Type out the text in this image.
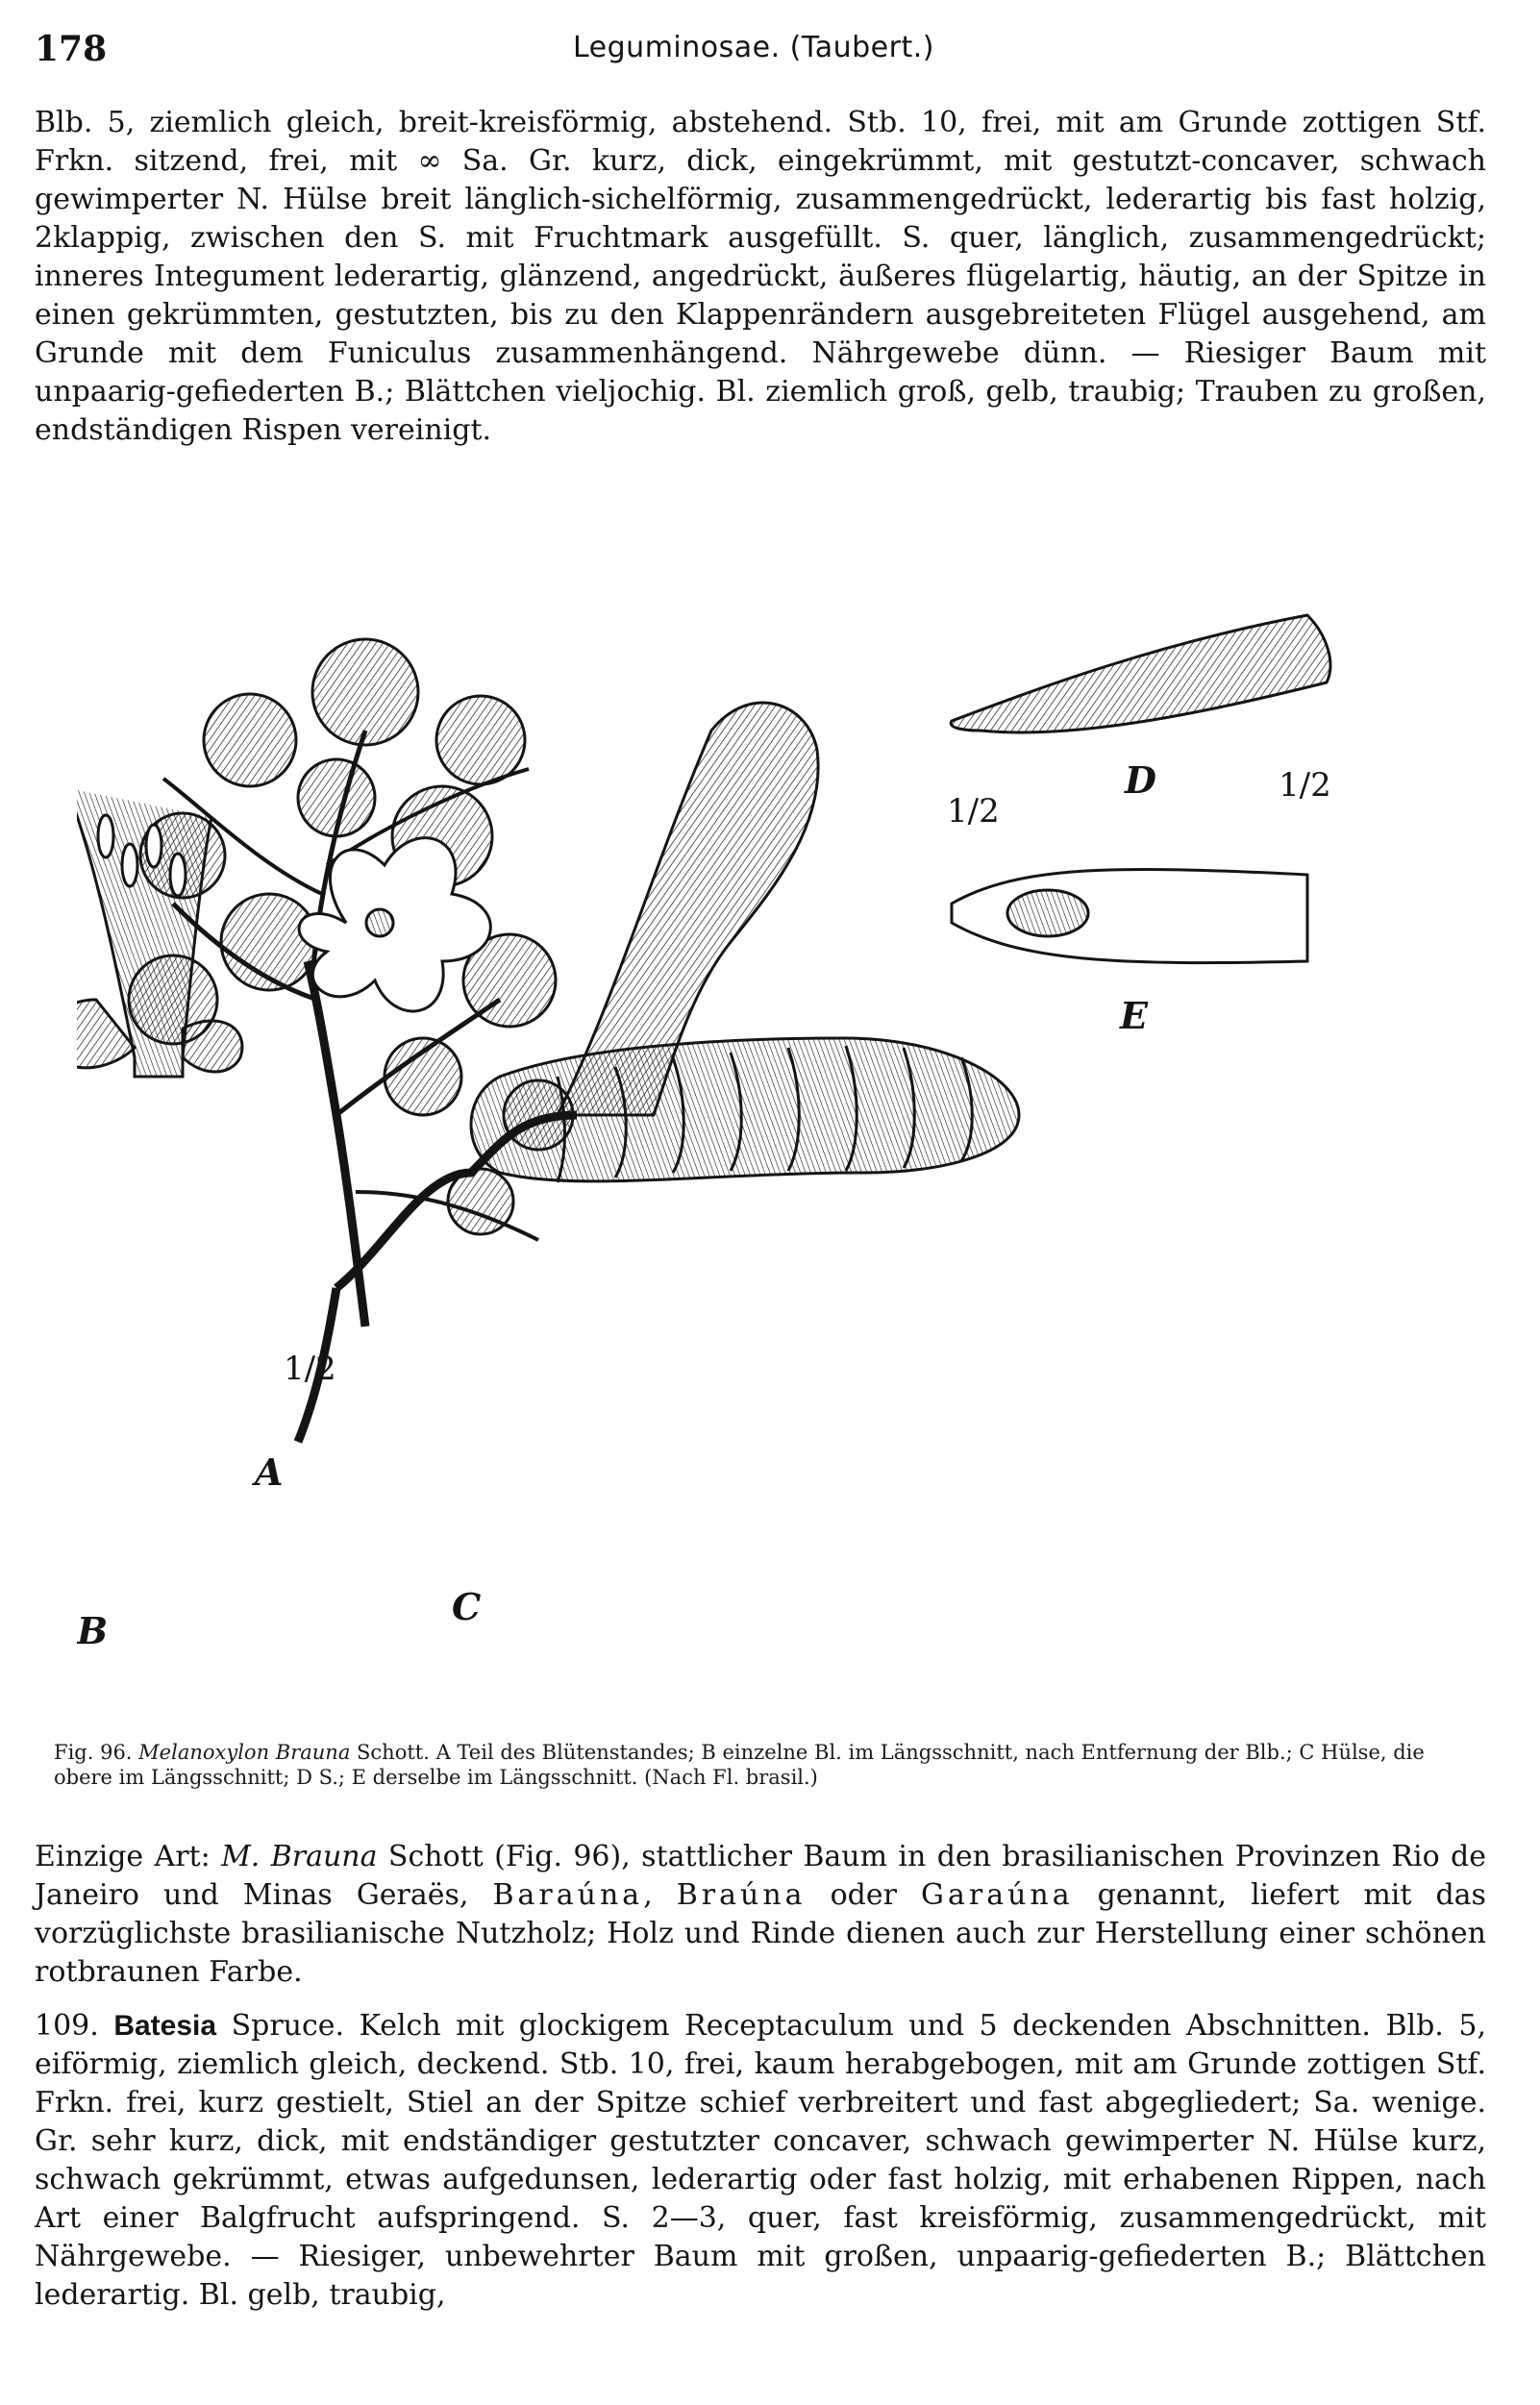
178	Leguminosae. (Taubert.)

Blb. 5, ziemlich gleich, breit-kreisförmig, abstehend. Stb. 10, frei, mit am Grunde zottigen Stf. Frkn. sitzend, frei, mit ∞ Sa. Gr. kurz, dick, eingekrümmt, mit gestutzt-concaver, schwach gewimperter N. Hülse breit länglich-sichelförmig, zusammengedrückt, lederartig bis fast holzig, 2klappig, zwischen den S. mit Fruchtmark ausgefüllt. S. quer, länglich, zusammengedrückt; inneres Integument lederartig, glänzend, angedrückt, äußeres flügelartig, häutig, an der Spitze in einen gekrümmten, gestutzten, bis zu den Klappenrändern ausgebreiteten Flügel ausgehend, am Grunde mit dem Funiculus zusammenhängend. Nährgewebe dünn. — Riesiger Baum mit unpaarig-gefiederten B.; Blättchen vieljochig. Bl. ziemlich groß, gelb, traubig; Trauben zu großen, endständigen Rispen vereinigt.

1/2
A
B
1/2
C
D
1/2
E
Fig. 96. Melanoxylon Brauna Schott. A Teil des Blütenstandes; B einzelne Bl. im Längsschnitt, nach Entfernung der Blb.; C Hülse, die obere im Längsschnitt; D S.; E derselbe im Längsschnitt. (Nach Fl. brasil.)

Einzige Art: M. Brauna Schott (Fig. 96), stattlicher Baum in den brasilianischen Provinzen Rio de Janeiro und Minas Geraës, Baraúna, Braúna oder Garaúna genannt, liefert mit das vorzüglichste brasilianische Nutzholz; Holz und Rinde dienen auch zur Herstellung einer schönen rotbraunen Farbe.

109. Batesia Spruce. Kelch mit glockigem Receptaculum und 5 deckenden Abschnitten. Blb. 5, eiförmig, ziemlich gleich, deckend. Stb. 10, frei, kaum herabgebogen, mit am Grunde zottigen Stf. Frkn. frei, kurz gestielt, Stiel an der Spitze schief verbreitert und fast abgegliedert; Sa. wenige. Gr. sehr kurz, dick, mit endständiger gestutzter concaver, schwach gewimperter N. Hülse kurz, schwach gekrümmt, etwas aufgedunsen, lederartig oder fast holzig, mit erhabenen Rippen, nach Art einer Balgfrucht aufspringend. S. 2—3, quer, fast kreisförmig, zusammengedrückt, mit Nährgewebe. — Riesiger, unbewehrter Baum mit großen, unpaarig-gefiederten B.; Blättchen lederartig. Bl. gelb, traubig,
